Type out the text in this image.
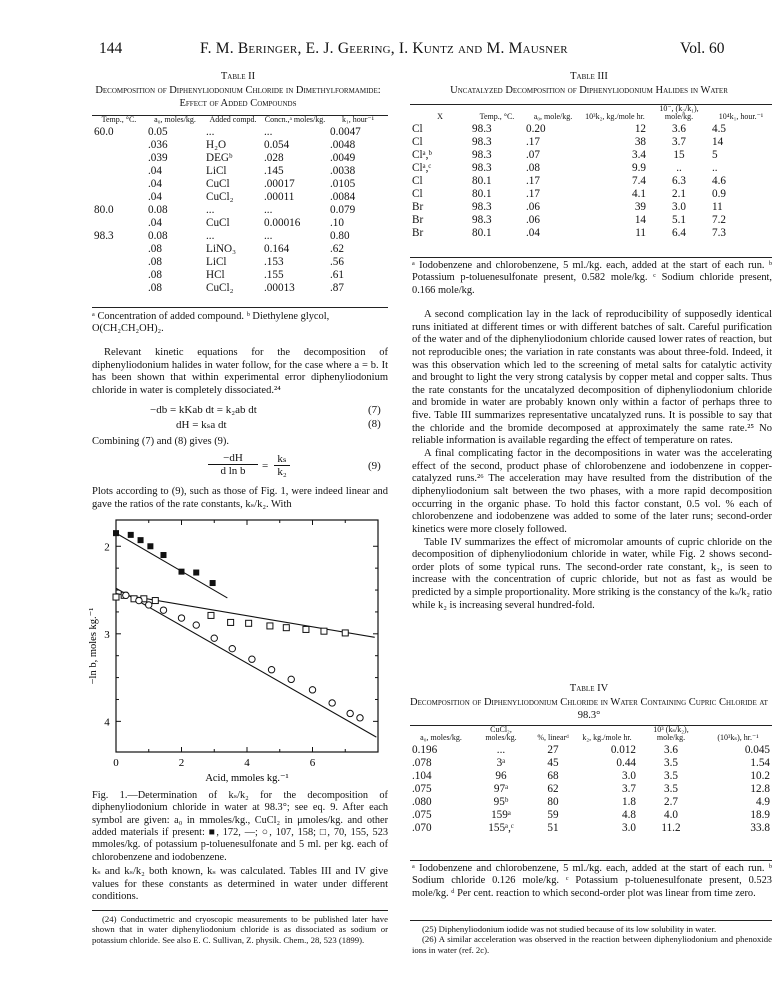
144	F. M. Beringer, E. J. Geering, I. Kuntz and M. Mausner	Vol. 60
Table II
Decomposition of Diphenyliodonium Chloride in Dimethylformamide: Effect of Added Compounds
Temp., °C.	a₀, moles/kg.	Added compd.	Concn.,ᵃ moles/kg.	k₁, hour⁻¹
60.0	0.05	...	...	0.0047
	.036	H₂O	0.054	.0048
	.039	DEGᵇ	.028	.0049
	.04	LiCl	.145	.0038
	.04	CuCl	.00017	.0105
	.04	CuCl₂	.00011	.0084
80.0	0.08	...	...	0.079
	.04	CuCl	0.00016	.10
98.3	0.08	...	...	0.80
	.08	LiNO₃	0.164	.62
	.08	LiCl	.153	.56
	.08	HCl	.155	.61
	.08	CuCl₂	.00013	.87
ᵃ Concentration of added compound. ᵇ Diethylene glycol, O(CH₂CH₂OH)₂.

Relevant kinetic equations for the decomposition of diphenyliodonium halides in water follow, for the case where a = b. It has been shown that within experimental error diphenyliodonium chloride in water is completely dissociated.²⁴

−db = kKab dt = k₂ab dt	(7)
dH = kₛa dt	(8)
Combining (7) and (8) gives (9).
−dH
d ln b	=
kₛ
k₂	(9)

Plots according to (9), such as those of Fig. 1, were indeed linear and gave the ratios of the rate constants, kₛ/k₂. With

0	2	4	6
2
3
4
Acid, mmoles kg.⁻¹
−ln b, moles kg.⁻¹
Fig. 1.—Determination of kₛ/k₂ for the decomposition of diphenyliodonium chloride in water at 98.3°; see eq. 9. After each symbol are given: a₀ in mmoles/kg., CuCl₂ in μmoles/kg. and other added materials if present: ■, 172, —; ○, 107, 158; □, 70, 155, 523 mmoles/kg. of potassium p-toluenesulfonate and 5 ml. per kg. each of chlorobenzene and iodobenzene.

kₛ and kₛ/k₂ both known, kₛ was calculated. Tables III and IV give values for these constants as determined in water under different conditions.

(24) Conductimetric and cryoscopic measurements to be published later have shown that in water diphenyliodonium chloride is as dissociated as sodium or potassium chloride. See also E. C. Sullivan, Z. physik. Chem., 28, 523 (1899).

Table III
Uncatalyzed Decomposition of Diphenyliodonium Halides in Water
X	Temp., °C.	a₀, mole/kg.	10³k₂, kg./mole hr.	10⁻, (k₂/k₁), mole/kg.	10⁴k₁, hour.⁻¹
Cl	98.3	0.20	12	3.6	4.5
Cl	98.3	.17	38	3.7	14
Clᵃ,ᵇ	98.3	.07	3.4	15	5
Clᵃ,ᶜ	98.3	.08	9.9	..	..
Cl	80.1	.17	7.4	6.3	4.6
Cl	80.1	.17	4.1	2.1	0.9
Br	98.3	.06	39	3.0	11
Br	98.3	.06	14	5.1	7.2
Br	80.1	.04	11	6.4	7.3
ᵃ Iodobenzene and chlorobenzene, 5 ml./kg. each, added at the start of each run. ᵇ Potassium p-toluenesulfonate present, 0.582 mole/kg. ᶜ Sodium chloride present, 0.166 mole/kg.

A second complication lay in the lack of reproducibility of supposedly identical runs initiated at different times or with different batches of salt. Careful purification of the water and of the diphenyliodonium chloride caused lower rates of reaction, but not reproducible ones; the variation in rate constants was about three-fold. Indeed, it was this observation which led to the screening of metal salts for catalytic activity and brought to light the very strong catalysis by copper metal and copper salts. Thus the rate constants for the uncatalyzed decomposition of diphenyliodonium chloride and bromide in water are probably known only within a factor of perhaps three to five. Table III summarizes representative uncatalyzed runs. It is possible to say that the chloride and the bromide decomposed at approximately the same rate.²⁵ No reliable information is available regarding the effect of temperature on rates.

A final complicating factor in the decompositions in water was the accelerating effect of the second, product phase of chlorobenzene and iodobenzene in copper-catalyzed runs.²⁶ The acceleration may have resulted from the distribution of the diphenyliodonium salt between the two phases, with a more rapid decomposition occurring in the organic phase. To hold this factor constant, 0.5 vol. % each of chlorobenzene and iodobenzene was added to some of the later runs; second-order kinetics were more closely followed.

Table IV summarizes the effect of micromolar amounts of cupric chloride on the decomposition of diphenyliodonium chloride in water, while Fig. 2 shows second-order plots of some typical runs. The second-order rate constant, k₂, is seen to increase with the concentration of cupric chloride, but not as fast as would be predicted by a simple proportionality. More striking is the constancy of the kₛ/k₂ ratio while k₂ is increasing several hundred-fold.

Table IV
Decomposition of Diphenyliodonium Chloride in Water Containing Cupric Chloride at 98.3°
a₀, moles/kg.	CuCl₂, moles/kg.	%, linearᵈ	k₂, kg./mole hr.	10³ (kₛ/k₂), mole/kg.	(10³kₛ), hr.⁻¹
0.196	...	27	0.012	3.6	0.045
.078	3ᵃ	45	0.44	3.5	1.54
.104	96	68	3.0	3.5	10.2
.075	97ᵃ	62	3.7	3.5	12.8
.080	95ᵇ	80	1.8	2.7	4.9
.075	159ᵃ	59	4.8	4.0	18.9
.070	155ᵃ,ᶜ	51	3.0	11.2	33.8
ᵃ Iodobenzene and chlorobenzene, 5 ml./kg. each, added at the start of each run. ᵇ Sodium chloride 0.126 mole/kg. ᶜ Potassium p-toluenesulfonate present, 0.523 mole/kg. ᵈ Per cent. reaction to which second-order plot was linear from time zero.

(25) Diphenyliodonium iodide was not studied because of its low solubility in water.

(26) A similar acceleration was observed in the reaction between diphenyliodonium and phenoxide ions in water (ref. 2c).
